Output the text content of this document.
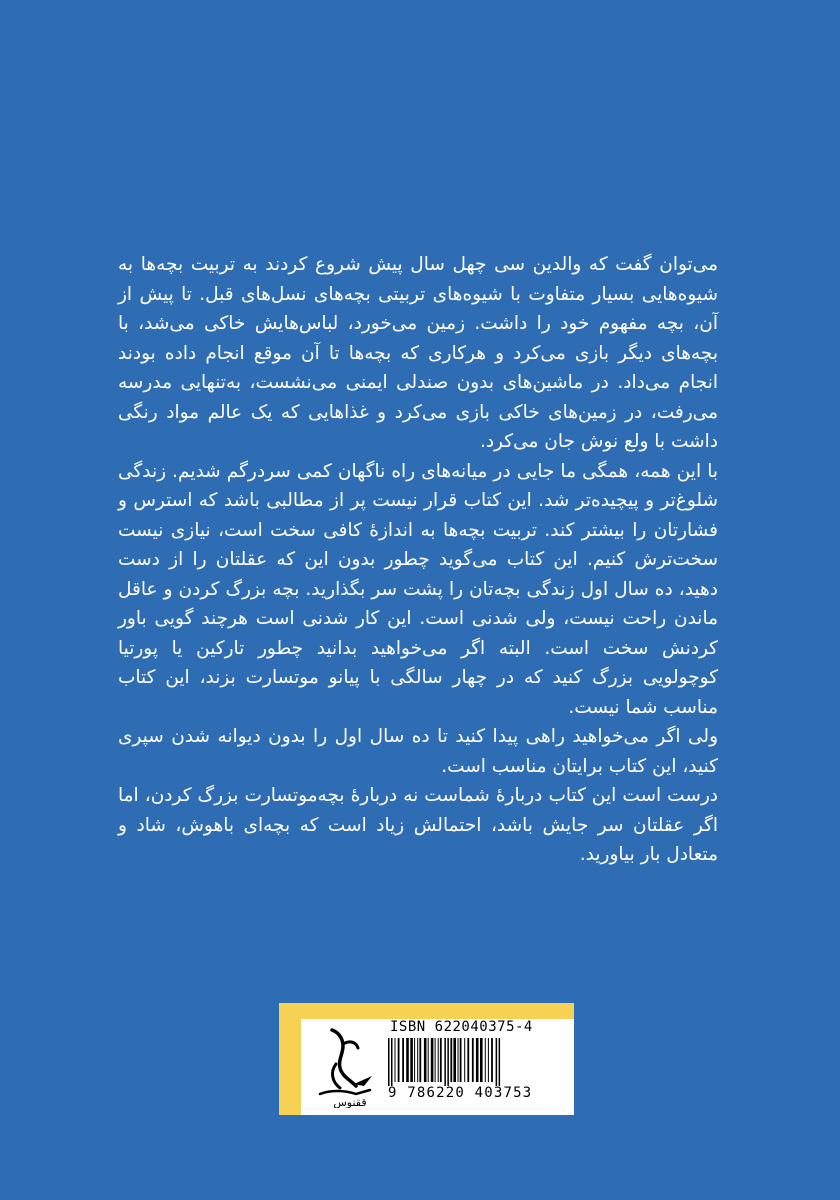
می‌توان گفت که والدین سی چهل سال پیش شروع کردند به تربیت بچه‌ها به شیوه‌هایی بسیار متفاوت با شیوه‌های تربیتی بچه‌های نسل‌های قبل. تا پیش از آن، بچه مفهوم خود را داشت. زمین می‌خورد، لباس‌هایش خاکی می‌شد، با بچه‌های دیگر بازی می‌کرد و هرکاری که بچه‌ها تا آن موقع انجام داده بودند انجام می‌داد. در ماشین‌های بدون صندلی ایمنی می‌نشست، به‌تنهایی مدرسه می‌رفت، در زمین‌های خاکی بازی می‌کرد و غذاهایی که یک عالم مواد رنگی داشت با ولع نوش جان می‌کرد.

با این همه، همگی ما جایی در میانه‌های راه ناگهان کمی سردرگم شدیم. زندگی شلوغ‌تر و پیچیده‌تر شد. این کتاب قرار نیست پر از مطالبی باشد که استرس و فشارتان را بیشتر کند. تربیت بچه‌ها به اندازهٔ کافی سخت است، نیازی نیست سخت‌ترش کنیم. این کتاب می‌گوید چطور بدون این که عقلتان را از دست دهید، ده سال اول زندگی بچه‌تان را پشت سر بگذارید. بچه بزرگ کردن و عاقل ماندن راحت نیست، ولی شدنی است. این کار شدنی است هرچند گویی باور کردنش سخت است. البته اگر می‌خواهید بدانید چطور تارکین یا پورتیا کوچولویی بزرگ کنید که در چهار سالگی با پیانو موتسارت بزند، این کتاب مناسب شما نیست.

ولی اگر می‌خواهید راهی پیدا کنید تا ده سال اول را بدون دیوانه شدن سپری کنید، این کتاب برایتان مناسب است.

درست است این کتاب دربارهٔ شماست نه دربارهٔ بچه‌موتسارت بزرگ کردن، اما اگر عقلتان سر جایش باشد، احتمالش زیاد است که بچه‌ای باهوش، شاد و متعادل بار بیاورید.

ققنوس
ISBN 622040375-4
9 786220 403753
